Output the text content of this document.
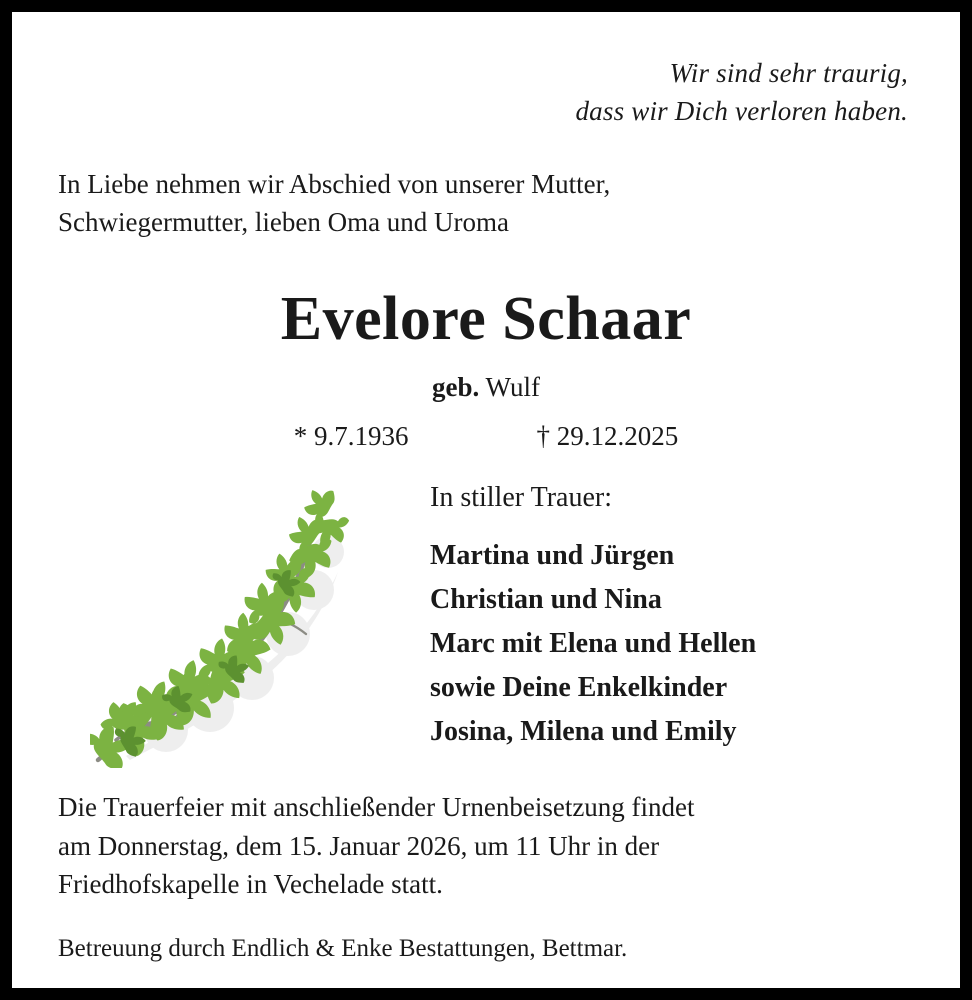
Wir sind sehr traurig,
dass wir Dich verloren haben.
In Liebe nehmen wir Abschied von unserer Mutter,
Schwiegermutter, lieben Oma und Uroma
Evelore Schaar
geb. Wulf
* 9.7.1936	† 29.12.2025
In stiller Trauer:
Martina und Jürgen
Christian und Nina
Marc mit Elena und Hellen
sowie Deine Enkelkinder
Josina, Milena und Emily
Die Trauerfeier mit anschließender Urnenbeisetzung findet
am Donnerstag, dem 15. Januar 2026, um 11 Uhr in der
Friedhofskapelle in Vechelade statt.
Betreuung durch Endlich & Enke Bestattungen, Bettmar.
